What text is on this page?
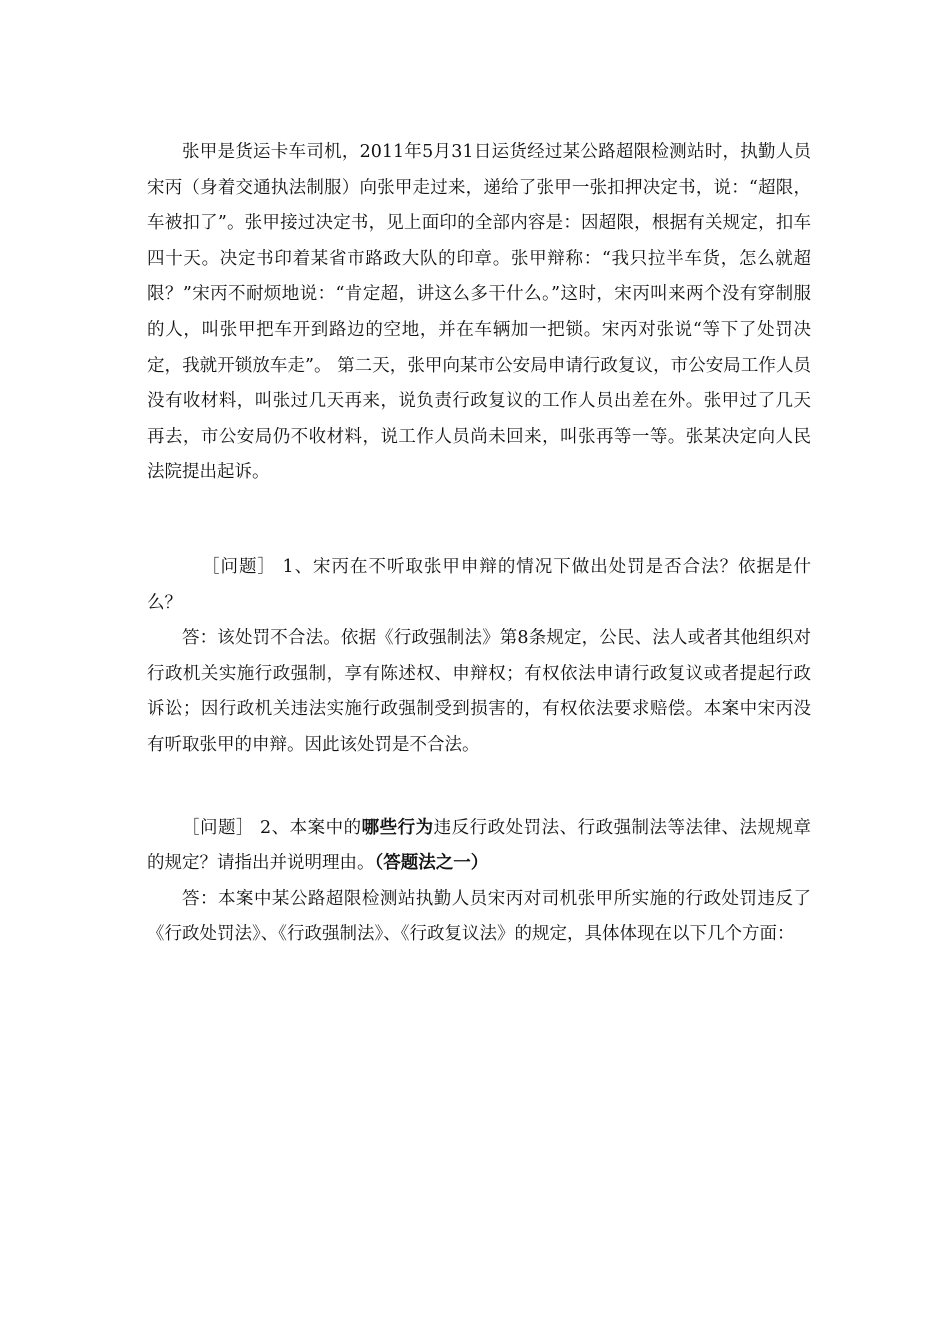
张甲是货运卡车司机，2011年5月31日运货经过某公路超限检测站时，执勤人员宋丙（身着交通执法制服）向张甲走过来，递给了张甲一张扣押决定书，说：“超限，车被扣了”。张甲接过决定书，见上面印的全部内容是：因超限，根据有关规定，扣车四十天。决定书印着某省市路政大队的印章。张甲辩称：“我只拉半车货，怎么就超限？”宋丙不耐烦地说：“肯定超，讲这么多干什么。”这时，宋丙叫来两个没有穿制服的人，叫张甲把车开到路边的空地，并在车辆加一把锁。宋丙对张说“等下了处罚决定，我就开锁放车走”。 第二天，张甲向某市公安局申请行政复议，市公安局工作人员没有收材料，叫张过几天再来，说负责行政复议的工作人员出差在外。张甲过了几天再去，市公安局仍不收材料，说工作人员尚未回来，叫张再等一等。张某决定向人民法院提出起诉。

［问题］ 1、宋丙在不听取张甲申辩的情况下做出处罚是否合法？依据是什么？

答：该处罚不合法。依据《行政强制法》第8条规定，公民、法人或者其他组织对行政机关实施行政强制，享有陈述权、申辩权；有权依法申请行政复议或者提起行政诉讼；因行政机关违法实施行政强制受到损害的，有权依法要求赔偿。本案中宋丙没有听取张甲的申辩。因此该处罚是不合法。

［问题］ 2、本案中的哪些行为违反行政处罚法、行政强制法等法律、法规规章的规定？请指出并说明理由。（答题法之一）

答：本案中某公路超限检测站执勤人员宋丙对司机张甲所实施的行政处罚违反了《行政处罚法》、《行政强制法》、《行政复议法》的规定，具体体现在以下几个方面：
